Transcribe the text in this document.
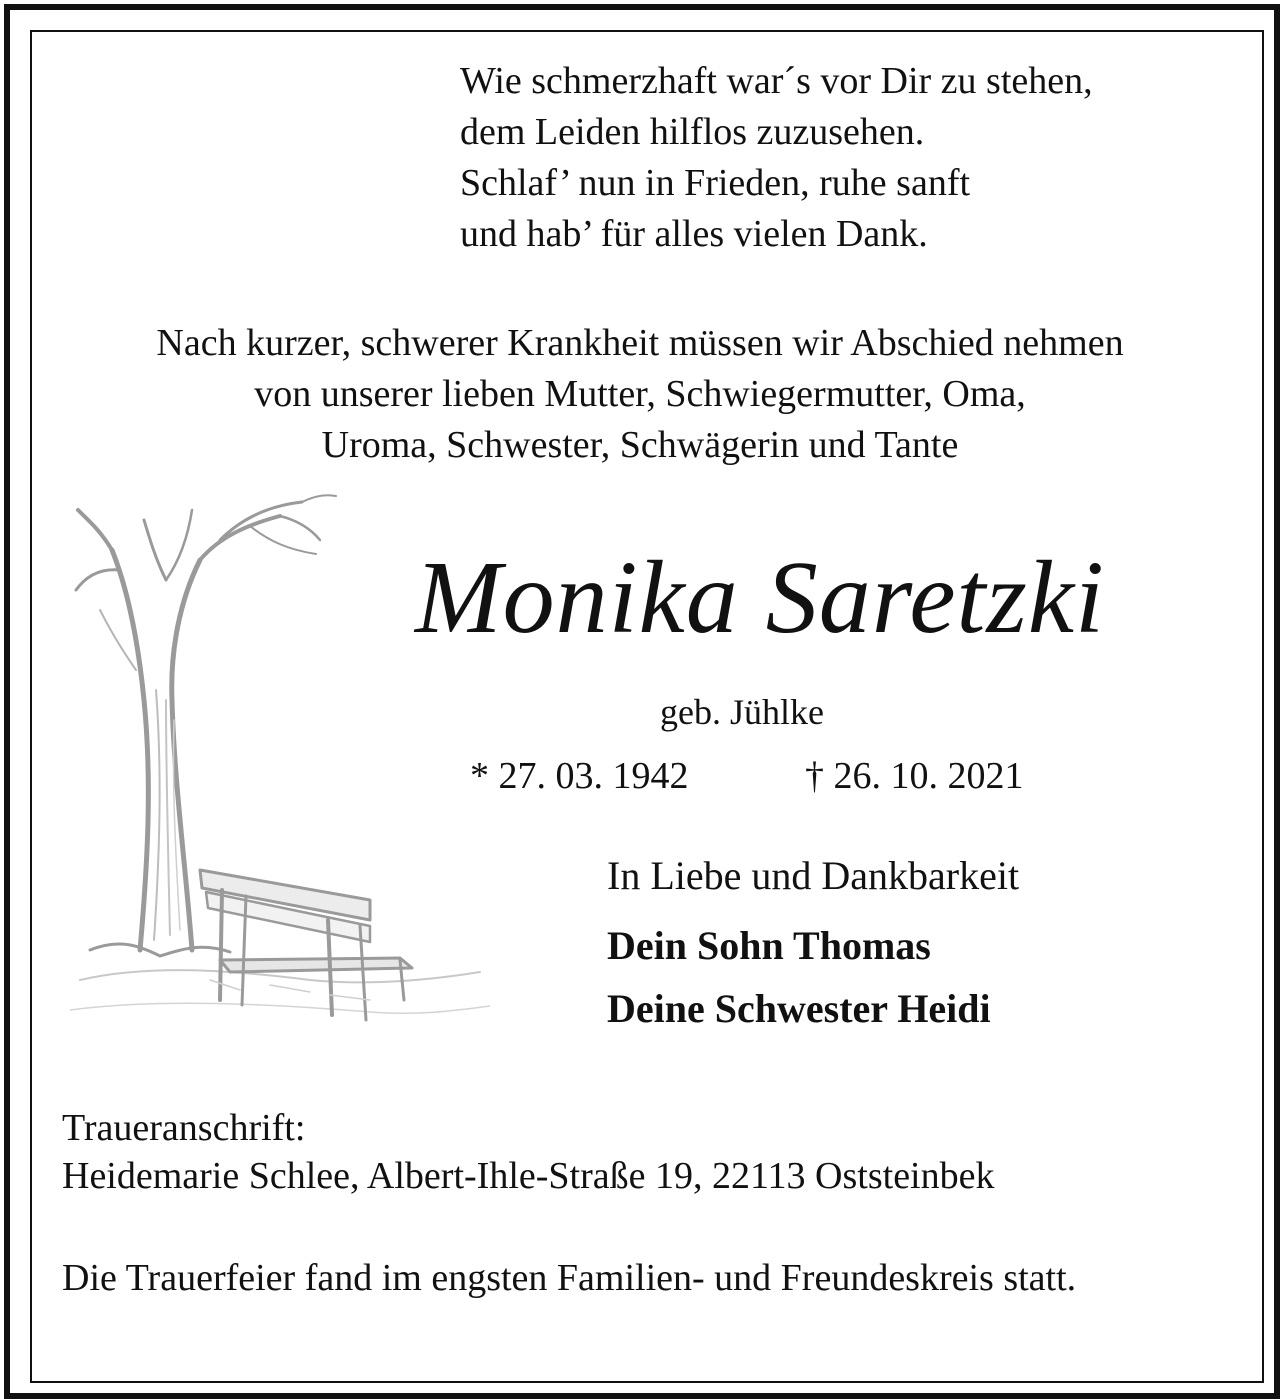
Wie schmerzhaft war´s vor Dir zu stehen,
dem Leiden hilflos zuzusehen.
Schlaf’ nun in Frieden, ruhe sanft
und hab’ für alles vielen Dank.
Nach kurzer, schwerer Krankheit müssen wir Abschied nehmen
von unserer lieben Mutter, Schwiegermutter, Oma,
Uroma, Schwester, Schwägerin und Tante
Monika Saretzki
geb. Jühlke
* 27. 03. 1942	† 26. 10. 2021
In Liebe und Dankbarkeit
Dein Sohn Thomas
Deine Schwester Heidi
Traueranschrift:
Heidemarie Schlee, Albert-Ihle-Straße 19, 22113 Oststeinbek
Die Trauerfeier fand im engsten Familien- und Freundeskreis statt.
